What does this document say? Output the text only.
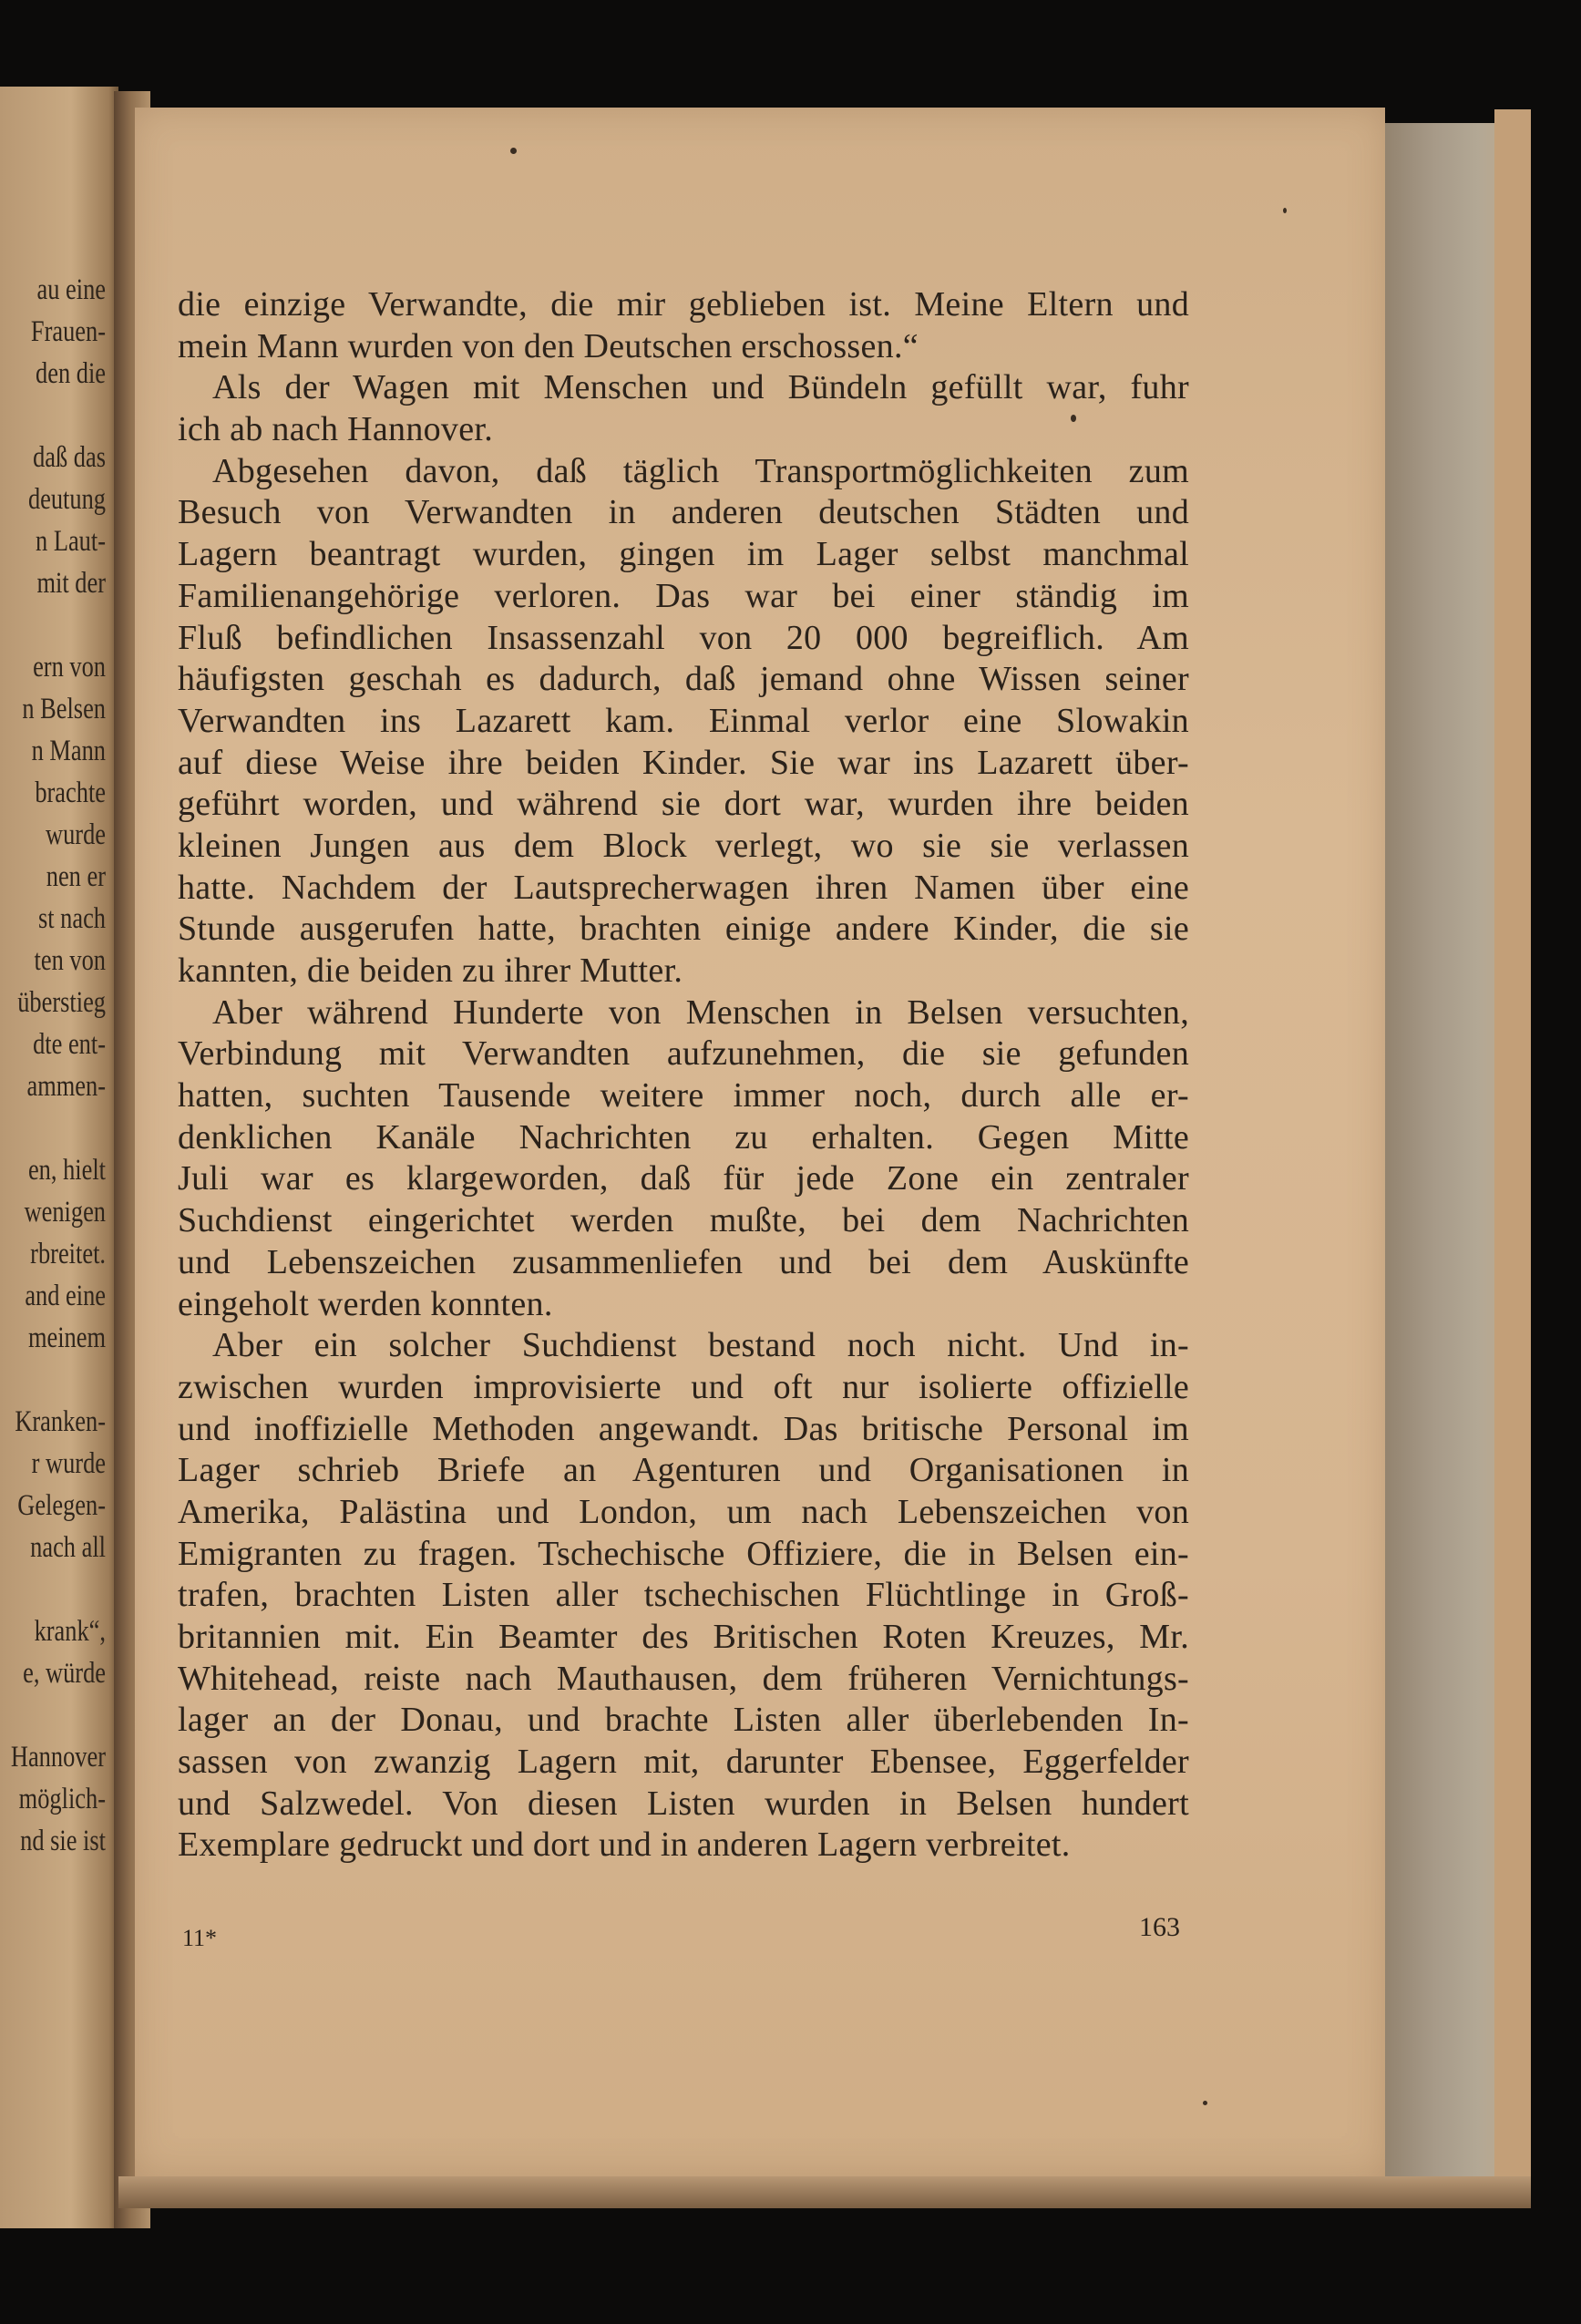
au eine
Frauen-
den die
daß das
deutung
n Laut-
mit der
ern von
n Belsen
n Mann
brachte
wurde
nen er
st nach
ten von
überstieg
dte ent-
ammen-
en, hielt
wenigen
rbreitet.
and eine
meinem
Kranken-
r wurde
Gelegen-
nach all
krank“,
e, würde
Hannover
möglich-
nd sie ist
die einzige Verwandte, die mir geblieben ist. Meine Eltern und
mein Mann wurden von den Deutschen erschossen.“
Als der Wagen mit Menschen und Bündeln gefüllt war, fuhr
ich ab nach Hannover.
Abgesehen davon, daß täglich Transportmöglichkeiten zum
Besuch von Verwandten in anderen deutschen Städten und
Lagern beantragt wurden, gingen im Lager selbst manchmal
Familienangehörige verloren. Das war bei einer ständig im
Fluß befindlichen Insassenzahl von 20 000 begreiflich. Am
häufigsten geschah es dadurch, daß jemand ohne Wissen seiner
Verwandten ins Lazarett kam. Einmal verlor eine Slowakin
auf diese Weise ihre beiden Kinder. Sie war ins Lazarett über-
geführt worden, und während sie dort war, wurden ihre beiden
kleinen Jungen aus dem Block verlegt, wo sie sie verlassen
hatte. Nachdem der Lautsprecherwagen ihren Namen über eine
Stunde ausgerufen hatte, brachten einige andere Kinder, die sie
kannten, die beiden zu ihrer Mutter.
Aber während Hunderte von Menschen in Belsen versuchten,
Verbindung mit Verwandten aufzunehmen, die sie gefunden
hatten, suchten Tausende weitere immer noch, durch alle er-
denklichen Kanäle Nachrichten zu erhalten. Gegen Mitte
Juli war es klargeworden, daß für jede Zone ein zentraler
Suchdienst eingerichtet werden mußte, bei dem Nachrichten
und Lebenszeichen zusammenliefen und bei dem Auskünfte
eingeholt werden konnten.
Aber ein solcher Suchdienst bestand noch nicht. Und in-
zwischen wurden improvisierte und oft nur isolierte offizielle
und inoffizielle Methoden angewandt. Das britische Personal im
Lager schrieb Briefe an Agenturen und Organisationen in
Amerika, Palästina und London, um nach Lebenszeichen von
Emigranten zu fragen. Tschechische Offiziere, die in Belsen ein-
trafen, brachten Listen aller tschechischen Flüchtlinge in Groß-
britannien mit. Ein Beamter des Britischen Roten Kreuzes, Mr.
Whitehead, reiste nach Mauthausen, dem früheren Vernichtungs-
lager an der Donau, und brachte Listen aller überlebenden In-
sassen von zwanzig Lagern mit, darunter Ebensee, Eggerfelder
und Salzwedel. Von diesen Listen wurden in Belsen hundert
Exemplare gedruckt und dort und in anderen Lagern verbreitet.
11*	163
